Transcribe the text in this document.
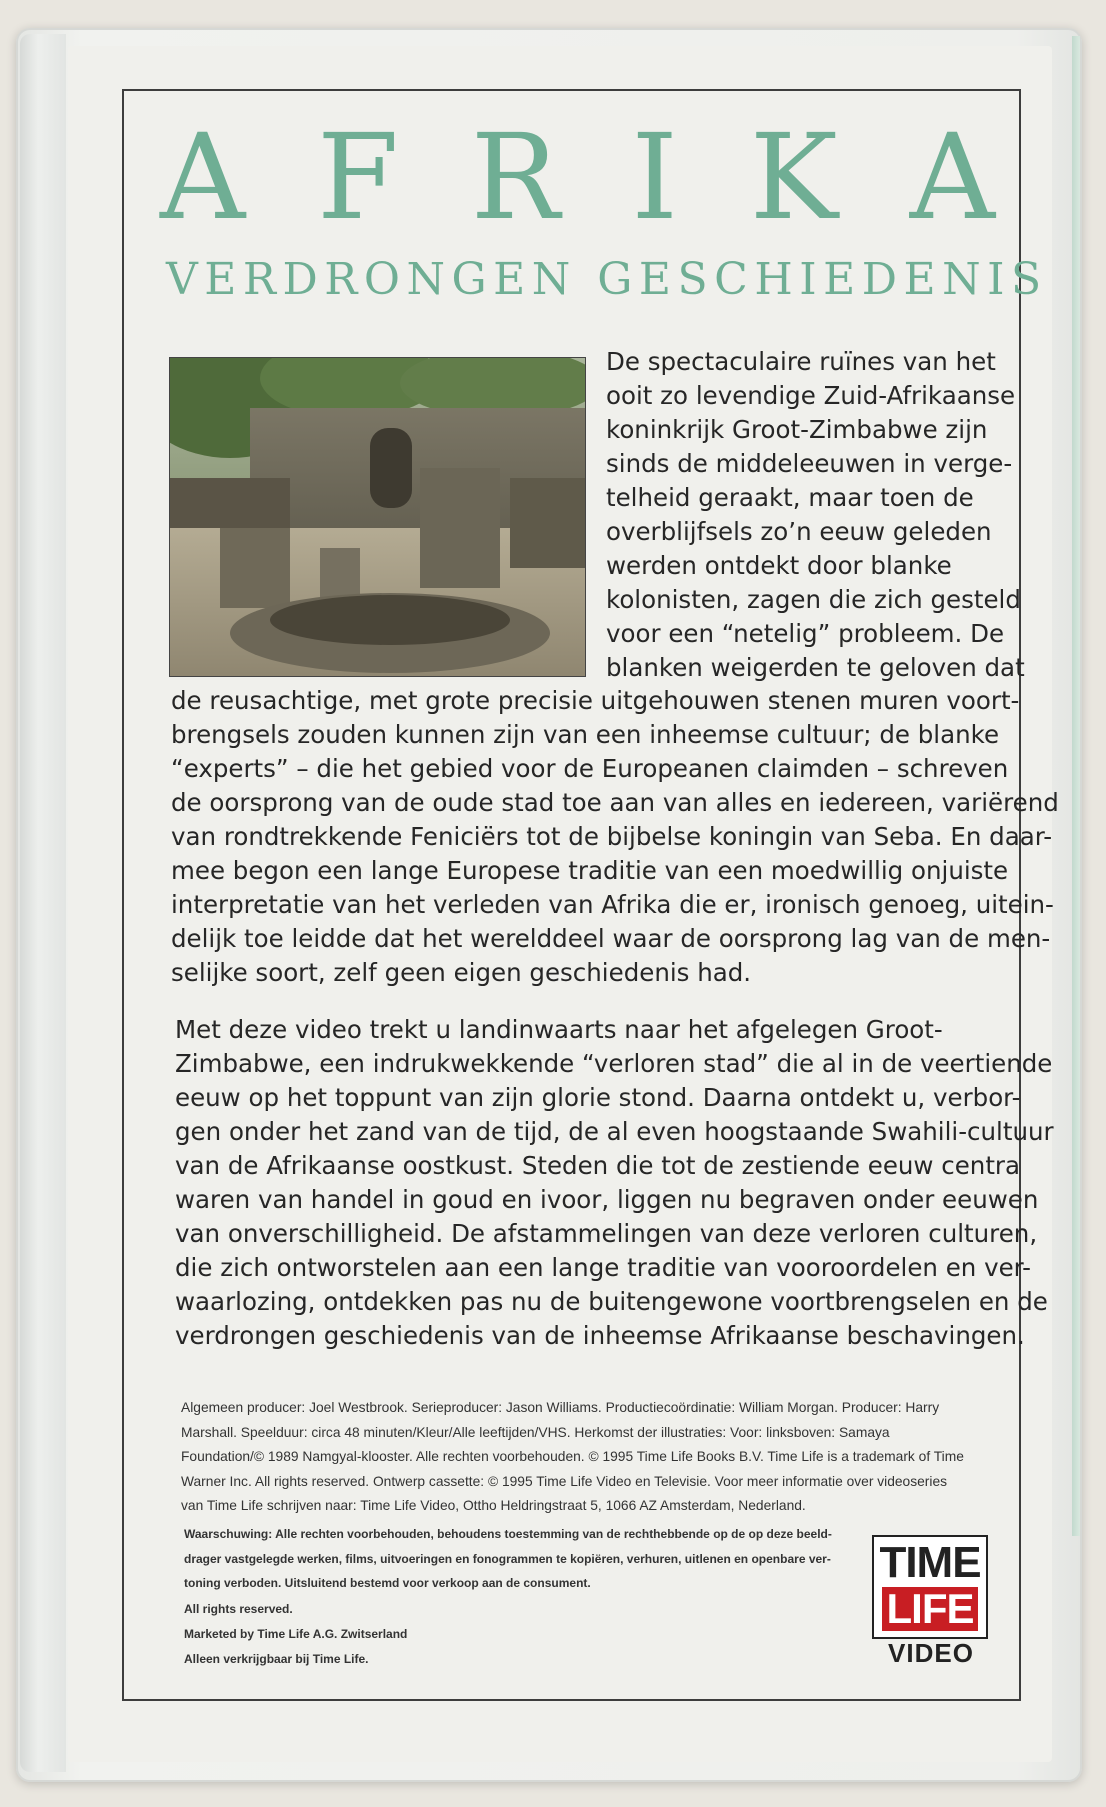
A F R I K A
VERDRONGEN GESCHIEDENIS
De spectaculaire ruïnes van het
ooit zo levendige Zuid-Afrikaanse
koninkrijk Groot-Zimbabwe zijn
sinds de middeleeuwen in verge-
telheid geraakt, maar toen de
overblijfsels zo’n eeuw geleden
werden ontdekt door blanke
kolonisten, zagen die zich gesteld
voor een “netelig” probleem. De
blanken weigerden te geloven dat
de reusachtige, met grote precisie uitgehouwen stenen muren voort-
brengsels zouden kunnen zijn van een inheemse cultuur; de blanke
“experts” – die het gebied voor de Europeanen claimden – schreven
de oorsprong van de oude stad toe aan van alles en iedereen, variërend
van rondtrekkende Feniciërs tot de bijbelse koningin van Seba. En daar-
mee begon een lange Europese traditie van een moedwillig onjuiste
interpretatie van het verleden van Afrika die er, ironisch genoeg, uitein-
delijk toe leidde dat het werelddeel waar de oorsprong lag van de men-
selijke soort, zelf geen eigen geschiedenis had.
Met deze video trekt u landinwaarts naar het afgelegen Groot-
Zimbabwe, een indrukwekkende “verloren stad” die al in de veertiende
eeuw op het toppunt van zijn glorie stond. Daarna ontdekt u, verbor-
gen onder het zand van de tijd, de al even hoogstaande Swahili-cultuur
van de Afrikaanse oostkust. Steden die tot de zestiende eeuw centra
waren van handel in goud en ivoor, liggen nu begraven onder eeuwen
van onverschilligheid. De afstammelingen van deze verloren culturen,
die zich ontworstelen aan een lange traditie van vooroordelen en ver-
waarlozing, ontdekken pas nu de buitengewone voortbrengselen en de
verdrongen geschiedenis van de inheemse Afrikaanse beschavingen.
Algemeen producer: Joel Westbrook. Serieproducer: Jason Williams. Productiecoördinatie: William Morgan. Producer: Harry
Marshall. Speelduur: circa 48 minuten/Kleur/Alle leeftijden/VHS. Herkomst der illustraties: Voor: linksboven: Samaya
Foundation/© 1989 Namgyal-klooster. Alle rechten voorbehouden. © 1995 Time Life Books B.V. Time Life is a trademark of Time
Warner Inc. All rights reserved. Ontwerp cassette: © 1995 Time Life Video en Televisie. Voor meer informatie over videoseries
van Time Life schrijven naar: Time Life Video, Ottho Heldringstraat 5, 1066 AZ Amsterdam, Nederland.
Waarschuwing: Alle rechten voorbehouden, behoudens toestemming van de rechthebbende op de op deze beeld-
drager vastgelegde werken, films, uitvoeringen en fonogrammen te kopiëren, verhuren, uitlenen en openbare ver-
toning verboden. Uitsluitend bestemd voor verkoop aan de consument.
All rights reserved.
Marketed by Time Life A.G. Zwitserland
Alleen verkrijgbaar bij Time Life.
TIME
LIFE
VIDEO
